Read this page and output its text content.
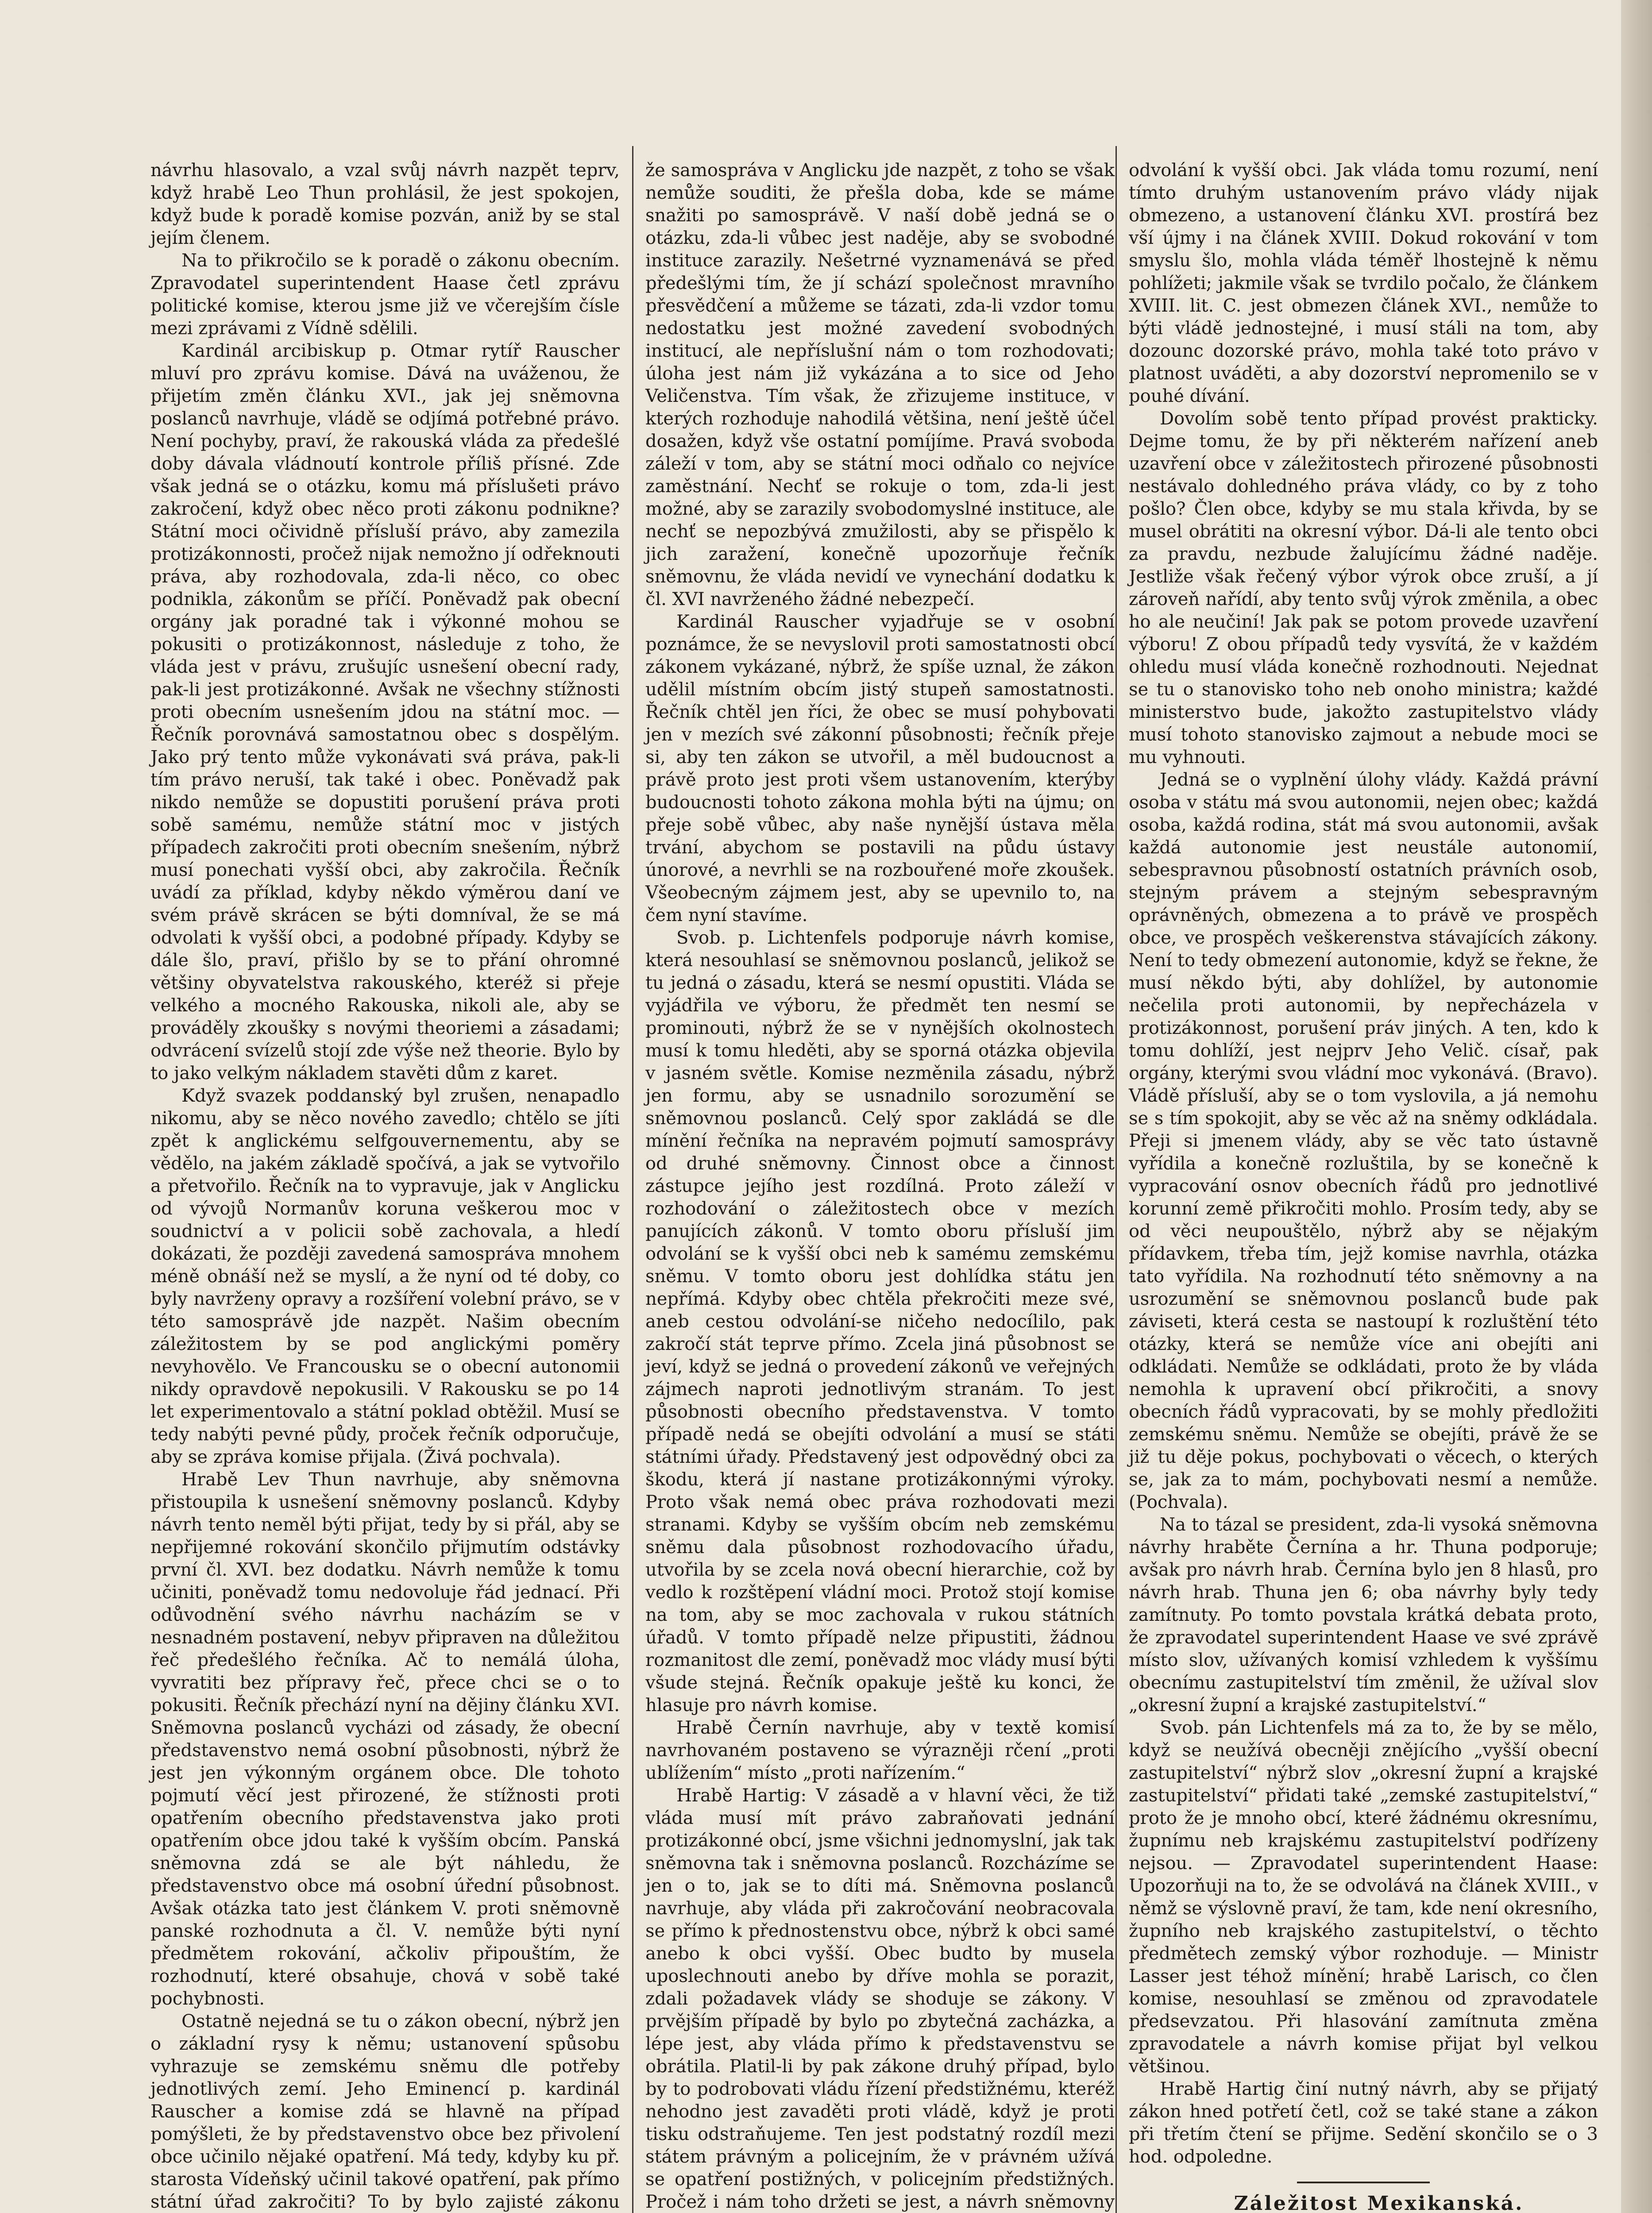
návrhu hlasovalo, a vzal svůj návrh nazpět teprv, když hrabě Leo Thun prohlásil, že jest spokojen, když bude k poradě komise pozván, aniž by se stal jejím členem.

Na to přikročilo se k poradě o zákonu obecním. Zpravodatel superintendent Haase četl zprávu politické komise, kterou jsme již ve včerejším čísle mezi zprávami z Vídně sdělili.

Kardinál arcibiskup p. Otmar rytíř Rauscher mluví pro zprávu komise. Dává na uváženou, že přijetím změn článku XVI., jak jej sněmovna poslanců navrhuje, vládě se odjímá potřebné právo. Není pochyby, praví, že rakouská vláda za předešlé doby dávala vládnoutí kontrole příliš přísné. Zde však jedná se o otázku, komu má příslušeti právo zakročení, když obec něco proti zákonu podnikne? Státní moci očividně přísluší právo, aby zamezila protizákonnosti, pročež nijak nemožno jí odřeknouti práva, aby rozhodovala, zda-li něco, co obec podnikla, zákonům se příčí. Poněvadž pak obecní orgány jak poradné tak i výkonné mohou se pokusiti o protizákonnost, následuje z toho, že vláda jest v právu, zrušujíc usnešení obecní rady, pak-li jest protizákonné. Avšak ne všechny stížnosti proti obecním usnešením jdou na státní moc. — Řečník porovnává samostatnou obec s dospělým. Jako prý tento může vykonávati svá práva, pak-li tím právo neruší, tak také i obec. Poněvadž pak nikdo nemůže se dopustiti porušení práva proti sobě samému, nemůže státní moc v jistých případech zakročiti proti obecním snešením, nýbrž musí ponechati vyšší obci, aby zakročila. Řečník uvádí za příklad, kdyby někdo výměrou daní ve svém právě skrácen se býti domníval, že se má odvolati k vyšší obci, a podobné případy. Kdyby se dále šlo, praví, přišlo by se to přání ohromné většiny obyvatelstva rakouského, kteréž si přeje velkého a mocného Rakouska, nikoli ale, aby se prováděly zkoušky s novými theoriemi a zásadami; odvrácení svízelů stojí zde výše než theorie. Bylo by to jako velkým nákladem stavěti dům z karet.

Když svazek poddanský byl zrušen, nenapadlo nikomu, aby se něco nového zavedlo; chtělo se jíti zpět k anglickému selfgouvernementu, aby se vědělo, na jakém základě spočívá, a jak se vytvořilo a přetvořilo. Řečník na to vypravuje, jak v Anglicku od vývojů Normanův koruna veškerou moc v soudnictví a v policii sobě zachovala, a hledí dokázati, že později zavedená samospráva mnohem méně obnáší než se myslí, a že nyní od té doby, co byly navrženy opravy a rozšíření volební právo, se v této samosprávě jde nazpět. Našim obecním záležitostem by se pod anglickými poměry nevyhovělo. Ve Francousku se o obecní autonomii nikdy opravdově nepokusili. V Rakousku se po 14 let experimentovalo a státní poklad obtěžil. Musí se tedy nabýti pevné půdy, proček řečník odporučuje, aby se zpráva komise přijala. (Živá pochvala).

Hrabě Lev Thun navrhuje, aby sněmovna přistoupila k usnešení sněmovny poslanců. Kdyby návrh tento neměl býti přijat, tedy by si přál, aby se nepřijemné rokování skončilo přijmutím odstávky první čl. XVI. bez dodatku. Návrh nemůže k tomu učiniti, poněvadž tomu nedovoluje řád jednací. Při odůvodnění svého návrhu nacházím se v nesnadném postavení, nebyv připraven na důležitou řeč předešlého řečníka. Ač to nemálá úloha, vyvratiti bez přípravy řeč, přece chci se o to pokusiti. Řečník přechází nyní na dějiny článku XVI. Sněmovna poslanců vycházi od zásady, že obecní představenstvo nemá osobní působnosti, nýbrž že jest jen výkonným orgánem obce. Dle tohoto pojmutí věcí jest přirozené, že stížnosti proti opatřením obecního představenstva jako proti opatřením obce jdou také k vyšším obcím. Panská sněmovna zdá se ale být náhledu, že představenstvo obce má osobní úřední působnost. Avšak otázka tato jest článkem V. proti sněmovně panské rozhodnuta a čl. V. nemůže býti nyní předmětem rokování, ačkoliv připouštím, že rozhodnutí, které obsahuje, chová v sobě také pochybnosti.

Ostatně nejedná se tu o zákon obecní, nýbrž jen o základní rysy k němu; ustanovení spůsobu vyhrazuje se zemskému sněmu dle potřeby jednotlivých zemí. Jeho Eminencí p. kardinál Rauscher a komise zdá se hlavně na případ pomýšleti, že by představenstvo obce bez přivolení obce učinilo nějaké opatření. Má tedy, kdyby ku př. starosta Vídeňský učinil takové opatření, pak přímo státní úřad zakročiti? To by bylo zajisté zákonu

že samospráva v Anglicku jde nazpět, z toho se však nemůže souditi, že přešla doba, kde se máme snažiti po samosprávě. V naší době jedná se o otázku, zda-li vůbec jest naděje, aby se svobodné instituce zarazily. Nešetrné vyznamenává se před předešlými tím, že jí schází společnost mravního přesvědčení a můžeme se tázati, zda-li vzdor tomu nedostatku jest možné zavedení svobodných institucí, ale nepříslušní nám o tom rozhodovati; úloha jest nám již vykázána a to sice od Jeho Veličenstva. Tím však, že zřizujeme instituce, v kterých rozhoduje nahodilá většina, není ještě účel dosažen, když vše ostatní pomíjíme. Pravá svoboda záleží v tom, aby se státní moci odňalo co nejvíce zaměstnání. Nechť se rokuje o tom, zda-li jest možné, aby se zarazily svobodomyslné instituce, ale nechť se nepozbývá zmužilosti, aby se přispělo k jich zaražení, konečně upozorňuje řečník sněmovnu, že vláda nevidí ve vynechání dodatku k čl. XVI navrženého žádné nebezpečí.

Kardinál Rauscher vyjadřuje se v osobní poznámce, že se nevyslovil proti samostatnosti obcí zákonem vykázané, nýbrž, že spíše uznal, že zákon udělil místním obcím jistý stupeň samostatnosti. Řečník chtěl jen říci, že obec se musí pohybovati jen v mezích své zákonní působnosti; řečník přeje si, aby ten zákon se utvořil, a měl budoucnost a právě proto jest proti všem ustanovením, kterýby budoucnosti tohoto zákona mohla býti na újmu; on přeje sobě vůbec, aby naše nynější ústava měla trvání, abychom se postavili na půdu ústavy únorové, a nevrhli se na rozbouřené moře zkoušek. Všeobecným zájmem jest, aby se upevnilo to, na čem nyní stavíme.

Svob. p. Lichtenfels podporuje návrh komise, která nesouhlasí se sněmovnou poslanců, jelikož se tu jedná o zásadu, která se nesmí opustiti. Vláda se vyjádřila ve výboru, že předmět ten nesmí se prominouti, nýbrž že se v nynějších okolnostech musí k tomu hleděti, aby se sporná otázka objevila v jasném světle. Komise nezměnila zásadu, nýbrž jen formu, aby se usnadnilo sorozumění se sněmovnou poslanců. Celý spor zakládá se dle mínění řečníka na nepravém pojmutí samosprávy od druhé sněmovny. Činnost obce a činnost zástupce jejího jest rozdílná. Proto záleží v rozhodování o záležitostech obce v mezích panujících zákonů. V tomto oboru přísluší jim odvolání se k vyšší obci neb k samému zemskému sněmu. V tomto oboru jest dohlídka státu jen nepřímá. Kdyby obec chtěla překročiti meze své, aneb cestou odvolání-se ničeho nedocílilo, pak zakročí stát teprve přímo. Zcela jiná působnost se jeví, když se jedná o provedení zákonů ve veřejných zájmech naproti jednotlivým stranám. To jest působnosti obecního představenstva. V tomto případě nedá se obejíti odvolání a musí se státi státními úřady. Představený jest odpovědný obci za škodu, která jí nastane protizákonnými výroky. Proto však nemá obec práva rozhodovati mezi stranami. Kdyby se vyšším obcím neb zemskému sněmu dala působnost rozhodovacího úřadu, utvořila by se zcela nová obecní hierarchie, což by vedlo k rozštěpení vládní moci. Protož stojí komise na tom, aby se moc zachovala v rukou státních úřadů. V tomto případě nelze připustiti, žádnou rozmanitost dle zemí, poněvadž moc vlády musí býti všude stejná. Řečník opakuje ještě ku konci, že hlasuje pro návrh komise.

Hrabě Černín navrhuje, aby v textě komisí navrhovaném postaveno se výrazněji rčení „proti ublížením“ místo „proti nařízením.“

Hrabě Hartig: V zásadě a v hlavní věci, že tiž vláda musí mít právo zabraňovati jednání protizákonné obcí, jsme všichni jednomyslní, jak tak sněmovna tak i sněmovna poslanců. Rozcházíme se jen o to, jak se to díti má. Sněmovna poslanců navrhuje, aby vláda při zakročování neobracovala se přímo k přednostenstvu obce, nýbrž k obci samé anebo k obci vyšší. Obec budto by musela uposlechnouti anebo by dříve mohla se porazit, zdali požadavek vlády se shoduje se zákony. V prvějším případě by bylo po zbytečná zacházka, a lépe jest, aby vláda přímo k představenstvu se obrátila. Platil-li by pak zákone druhý případ, bylo by to podrobovati vládu řízení předstižnému, kteréž nehodno jest zavaděti proti vládě, když je proti tisku odstraňujeme. Ten jest podstatný rozdíl mezi státem právným a policejním, že v právném užívá se opatření postižných, v policejním předstižných. Pročež i nám toho držeti se jest, a návrh sněmovny

odvolání k vyšší obci. Jak vláda tomu rozumí, není tímto druhým ustanovením právo vlády nijak obmezeno, a ustanovení článku XVI. prostírá bez vší újmy i na článek XVIII. Dokud rokování v tom smyslu šlo, mohla vláda téměř lhostejně k němu pohlížeti; jakmile však se tvrdilo počalo, že článkem XVIII. lit. C. jest obmezen článek XVI., nemůže to býti vládě jednostejné, i musí stáli na tom, aby dozounc dozorské právo, mohla také toto právo v platnost uváděti, a aby dozorství nepromenilo se v pouhé dívání.

Dovolím sobě tento případ provést prakticky. Dejme tomu, že by při některém nařízení aneb uzavření obce v záležitostech přirozené působnosti nestávalo dohledného práva vlády, co by z toho pošlo? Člen obce, kdyby se mu stala křivda, by se musel obrátiti na okresní výbor. Dá-li ale tento obci za pravdu, nezbude žalujícímu žádné naděje. Jestliže však řečený výbor výrok obce zruší, a jí zároveň nařídí, aby tento svůj výrok změnila, a obec ho ale neučiní! Jak pak se potom provede uzavření výboru! Z obou případů tedy vysvítá, že v každém ohledu musí vláda konečně rozhodnouti. Nejednat se tu o stanovisko toho neb onoho ministra; každé ministerstvo bude, jakožto zastupitelstvo vlády musí tohoto stanovisko zajmout a nebude moci se mu vyhnouti.

Jedná se o vyplnění úlohy vlády. Každá právní osoba v státu má svou autonomii, nejen obec; každá osoba, každá rodina, stát má svou autonomii, avšak každá autonomie jest neustále autonomií, sebespravnou působností ostatních právních osob, stejným právem a stejným sebespravným oprávněných, obmezena a to právě ve prospěch obce, ve prospěch veškerenstva stávajících zákony. Není to tedy obmezení autonomie, když se řekne, že musí někdo býti, aby dohlížel, by autonomie nečelila proti autonomii, by nepřecházela v protizákonnost, porušení práv jiných. A ten, kdo k tomu dohlíží, jest nejprv Jeho Velič. císař, pak orgány, kterými svou vládní moc vykonává. (Bravo). Vládě přísluší, aby se o tom vyslovila, a já nemohu se s tím spokojit, aby se věc až na sněmy odkládala. Přeji si jmenem vlády, aby se věc tato ústavně vyřídila a konečně rozluštila, by se konečně k vypracování osnov obecních řádů pro jednotlivé korunní země přikročiti mohlo. Prosím tedy, aby se od věci neupouštělo, nýbrž aby se nějakým přídavkem, třeba tím, jejž komise navrhla, otázka tato vyřídila. Na rozhodnutí této sněmovny a na usrozumění se sněmovnou poslanců bude pak záviseti, která cesta se nastoupí k rozluštění této otázky, která se nemůže více ani obejíti ani odkládati. Nemůže se odkládati, proto že by vláda nemohla k upravení obcí přikročiti, a snovy obecních řádů vypracovati, by se mohly předložiti zemskému sněmu. Nemůže se obejíti, právě že se již tu děje pokus, pochybovati o věcech, o kterých se, jak za to mám, pochybovati nesmí a nemůže. (Pochvala).

Na to tázal se president, zda-li vysoká sněmovna návrhy hraběte Černína a hr. Thuna podporuje; avšak pro návrh hrab. Černína bylo jen 8 hlasů, pro návrh hrab. Thuna jen 6; oba návrhy byly tedy zamítnuty. Po tomto povstala krátká debata proto, že zpravodatel superintendent Haase ve své zprávě místo slov, užívaných komisí vzhledem k vyššímu obecnímu zastupitelství tím změnil, že užíval slov „okresní župní a krajské zastupitelství.“

Svob. pán Lichtenfels má za to, že by se mělo, když se neužívá obecněji znějícího „vyšší obecní zastupitelství“ nýbrž slov „okresní župní a krajské zastupitelství“ přidati také „zemské zastupitelství,“ proto že je mnoho obcí, které žádnému okresnímu, župnímu neb krajskému zastupitelství podřízeny nejsou. — Zpravodatel superintendent Haase: Upozorňuji na to, že se odvolává na článek XVIII., v němž se výslovně praví, že tam, kde není okresního, župního neb krajského zastupitelství, o těchto předmětech zemský výbor rozhoduje. — Ministr Lasser jest téhož mínění; hrabě Larisch, co člen komise, nesouhlasí se změnou od zpravodatele předsevzatou. Při hlasování zamítnuta změna zpravodatele a návrh komise přijat byl velkou většinou.

Hrabě Hartig činí nutný návrh, aby se přijatý zákon hned potřetí četl, což se také stane a zákon při třetím čtení se přijme. Sedění skončilo se o 3 hod. odpoledne.

Záležitost Mexikanská.
